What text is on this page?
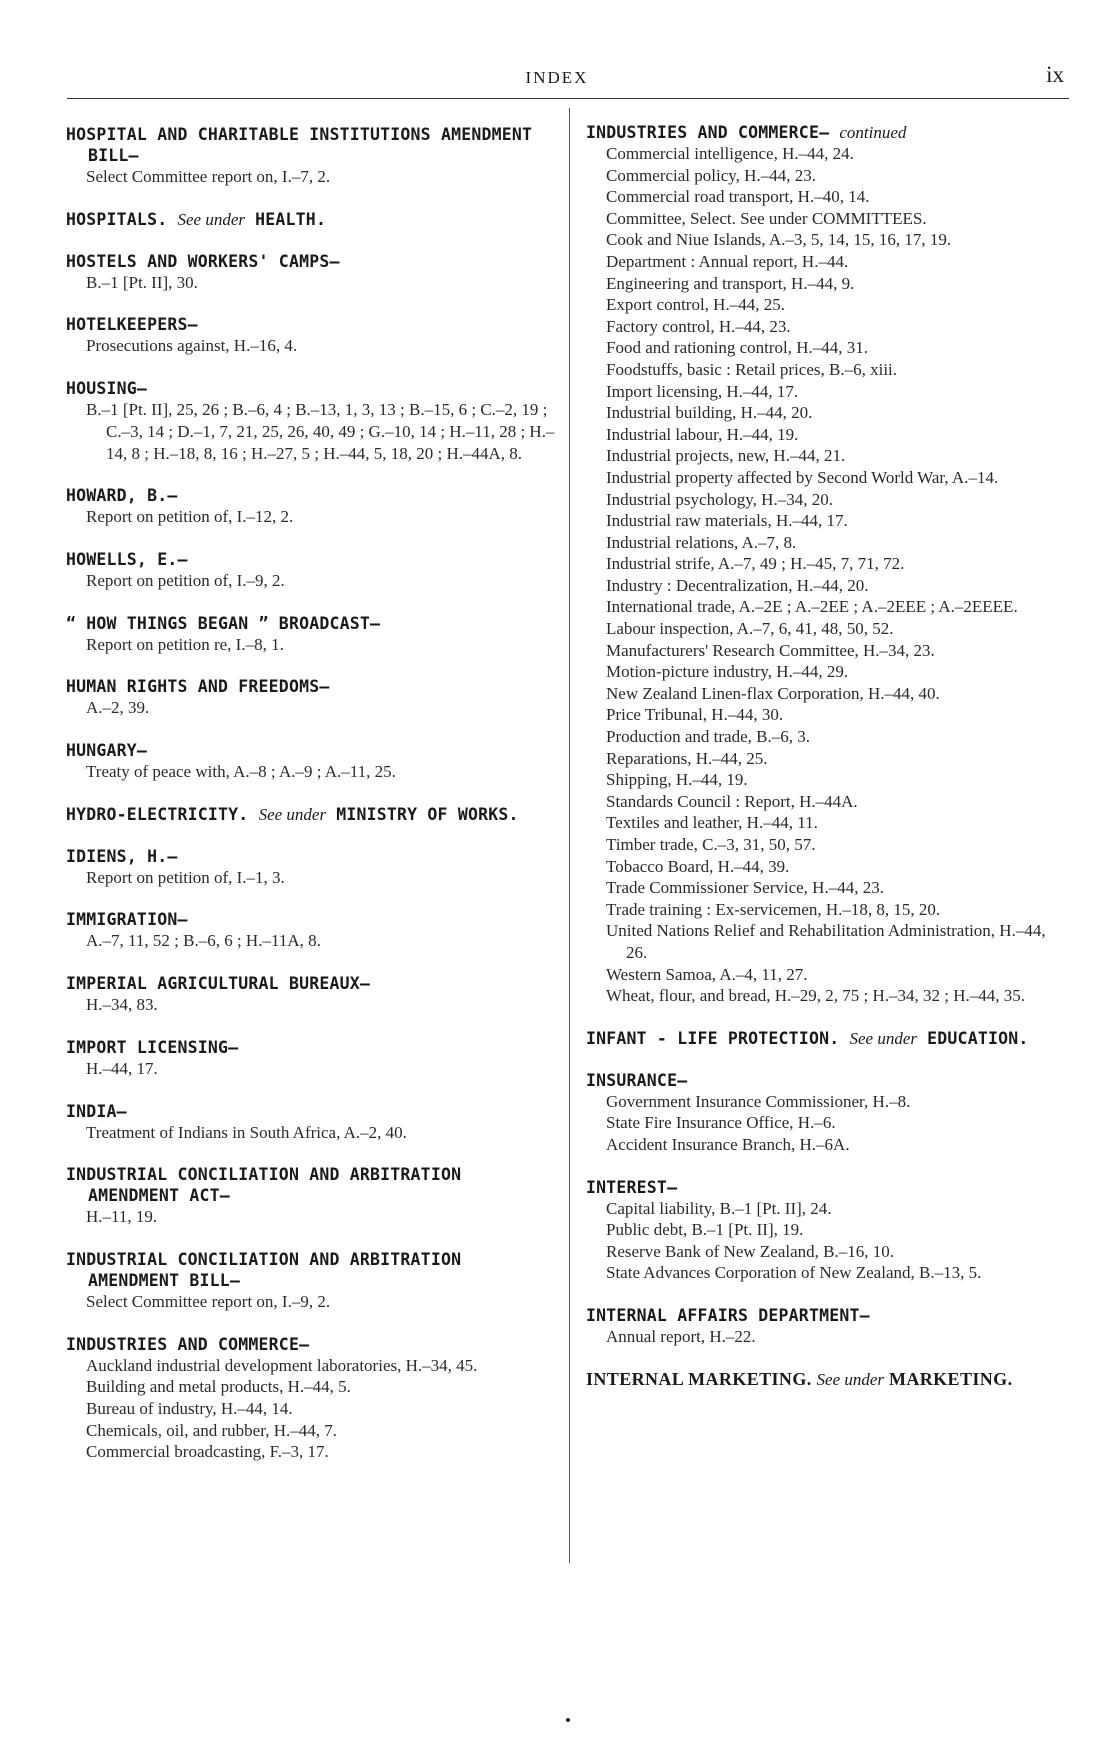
INDEX	ix
HOSPITAL AND CHARITABLE INSTITUTIONS AMENDMENT BILL—
Select Committee report on, I.–7, 2.
HOSPITALS. See under HEALTH.
HOSTELS AND WORKERS' CAMPS—
B.–1 [Pt. II], 30.
HOTELKEEPERS—
Prosecutions against, H.–16, 4.
HOUSING—
B.–1 [Pt. II], 25, 26 ; B.–6, 4 ; B.–13, 1, 3, 13 ; B.–15, 6 ; C.–2, 19 ; C.–3, 14 ; D.–1, 7, 21, 25, 26, 40, 49 ; G.–10, 14 ; H.–11, 28 ; H.–14, 8 ; H.–18, 8, 16 ; H.–27, 5 ; H.–44, 5, 18, 20 ; H.–44A, 8.
HOWARD, B.—
Report on petition of, I.–12, 2.
HOWELLS, E.—
Report on petition of, I.–9, 2.
“ HOW THINGS BEGAN ” BROADCAST—
Report on petition re, I.–8, 1.
HUMAN RIGHTS AND FREEDOMS—
A.–2, 39.
HUNGARY—
Treaty of peace with, A.–8 ; A.–9 ; A.–11, 25.
HYDRO-ELECTRICITY. See under MINISTRY OF WORKS.
IDIENS, H.—
Report on petition of, I.–1, 3.
IMMIGRATION—
A.–7, 11, 52 ; B.–6, 6 ; H.–11A, 8.
IMPERIAL AGRICULTURAL BUREAUX—
H.–34, 83.
IMPORT LICENSING—
H.–44, 17.
INDIA—
Treatment of Indians in South Africa, A.–2, 40.
INDUSTRIAL CONCILIATION AND ARBITRATION AMENDMENT ACT—
H.–11, 19.
INDUSTRIAL CONCILIATION AND ARBITRATION AMENDMENT BILL—
Select Committee report on, I.–9, 2.
INDUSTRIES AND COMMERCE—
Auckland industrial development laboratories, H.–34, 45.
Building and metal products, H.–44, 5.
Bureau of industry, H.–44, 14.
Chemicals, oil, and rubber, H.–44, 7.
Commercial broadcasting, F.–3, 17.
INDUSTRIES AND COMMERCE— continued
Commercial intelligence, H.–44, 24.
Commercial policy, H.–44, 23.
Commercial road transport, H.–40, 14.
Committee, Select. See under COMMITTEES.
Cook and Niue Islands, A.–3, 5, 14, 15, 16, 17, 19.
Department : Annual report, H.–44.
Engineering and transport, H.–44, 9.
Export control, H.–44, 25.
Factory control, H.–44, 23.
Food and rationing control, H.–44, 31.
Foodstuffs, basic : Retail prices, B.–6, xiii.
Import licensing, H.–44, 17.
Industrial building, H.–44, 20.
Industrial labour, H.–44, 19.
Industrial projects, new, H.–44, 21.
Industrial property affected by Second World War, A.–14.
Industrial psychology, H.–34, 20.
Industrial raw materials, H.–44, 17.
Industrial relations, A.–7, 8.
Industrial strife, A.–7, 49 ; H.–45, 7, 71, 72.
Industry : Decentralization, H.–44, 20.
International trade, A.–2E ; A.–2EE ; A.–2EEE ; A.–2EEEE.
Labour inspection, A.–7, 6, 41, 48, 50, 52.
Manufacturers' Research Committee, H.–34, 23.
Motion-picture industry, H.–44, 29.
New Zealand Linen-flax Corporation, H.–44, 40.
Price Tribunal, H.–44, 30.
Production and trade, B.–6, 3.
Reparations, H.–44, 25.
Shipping, H.–44, 19.
Standards Council : Report, H.–44A.
Textiles and leather, H.–44, 11.
Timber trade, C.–3, 31, 50, 57.
Tobacco Board, H.–44, 39.
Trade Commissioner Service, H.–44, 23.
Trade training : Ex-servicemen, H.–18, 8, 15, 20.
United Nations Relief and Rehabilitation Administration, H.–44, 26.
Western Samoa, A.–4, 11, 27.
Wheat, flour, and bread, H.–29, 2, 75 ; H.–34, 32 ; H.–44, 35.
INFANT - LIFE PROTECTION. See under EDUCATION.
INSURANCE—
Government Insurance Commissioner, H.–8.
State Fire Insurance Office, H.–6.
Accident Insurance Branch, H.–6A.
INTEREST—
Capital liability, B.–1 [Pt. II], 24.
Public debt, B.–1 [Pt. II], 19.
Reserve Bank of New Zealand, B.–16, 10.
State Advances Corporation of New Zealand, B.–13, 5.
INTERNAL AFFAIRS DEPARTMENT—
Annual report, H.–22.
INTERNAL MARKETING. See under MARKETING.
